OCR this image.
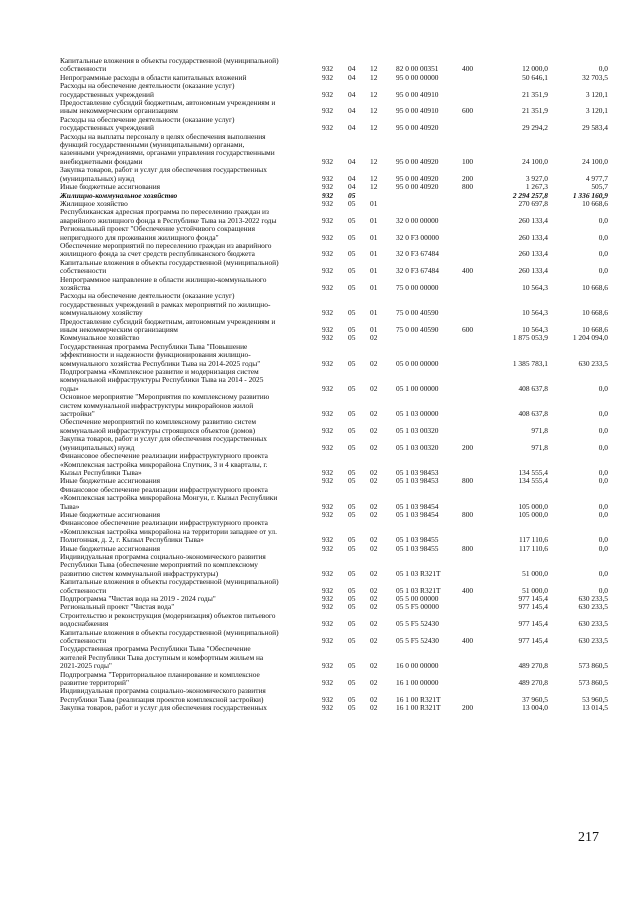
Капитальные вложения в объекты государственной (муниципальной)
собственности	932	04	12	82 0 00 00351	400	12 000,0	0,0
Непрограммные расходы в области капитальных вложений	932	04	12	95 0 00 00000	50 646,1	32 703,5
Расходы на обеспечение деятельности (оказание услуг)
государственных учреждений	932	04	12	95 0 00 40910	21 351,9	3 120,1
Предоставление субсидий бюджетным, автономным учреждениям и
иным некоммерческим организациям	932	04	12	95 0 00 40910	600	21 351,9	3 120,1
Расходы на обеспечение деятельности (оказание услуг)
государственных учреждений	932	04	12	95 0 00 40920	29 294,2	29 583,4
Расходы на выплаты персоналу в целях обеспечения выполнения
функций государственными (муниципальными) органами,
казенными учреждениями, органами управления государственными
внебюджетными фондами	932	04	12	95 0 00 40920	100	24 100,0	24 100,0
Закупка товаров, работ и услуг для обеспечения государственных
(муниципальных) нужд	932	04	12	95 0 00 40920	200	3 927,0	4 977,7
Иные бюджетные ассигнования	932	04	12	95 0 00 40920	800	1 267,3	505,7
Жилищно-коммунальное хозяйство	932	05	2 294 257,8	1 336 160,9
Жилищное хозяйство	932	05	01	270 697,8	10 668,6
Республиканская адресная программа по переселению граждан из
аварийного жилищного фонда в Республике Тыва на 2013-2022 годы	932	05	01	32 0 00 00000	260 133,4	0,0
Региональный проект "Обеспечение устойчивого сокращения
непригодного для проживания жилищного фонда"	932	05	01	32 0 F3 00000	260 133,4	0,0
Обеспечение мероприятий по переселению граждан из аварийного
жилищного фонда за счет средств республиканского бюджета	932	05	01	32 0 F3 67484	260 133,4	0,0
Капитальные вложения в объекты государственной (муниципальной)
собственности	932	05	01	32 0 F3 67484	400	260 133,4	0,0
Непрограммное направление в области жилищно-коммунального
хозяйства	932	05	01	75 0 00 00000	10 564,3	10 668,6
Расходы на обеспечение деятельности (оказание услуг)
государственных учреждений в рамках мероприятий по жилищно-
коммунальному хозяйству	932	05	01	75 0 00 40590	10 564,3	10 668,6
Предоставление субсидий бюджетным, автономным учреждениям и
иным некоммерческим организациям	932	05	01	75 0 00 40590	600	10 564,3	10 668,6
Коммунальное хозяйство	932	05	02	1 875 053,9	1 204 094,0
Государственная программа Республики Тыва "Повышение
эффективности и надежности функционирования жилищно-
коммунального хозяйства Республики Тыва на 2014-2025 годы"	932	05	02	05 0 00 00000	1 385 783,1	630 233,5
Подпрограмма «Комплексное развитие и модернизация систем
коммунальной инфраструктуры Республики Тыва на 2014 - 2025
годы»	932	05	02	05 1 00 00000	408 637,8	0,0
Основное мероприятие "Мероприятия по комплексному развитию
систем коммунальной инфраструктуры микрорайонов жилой
застройки"	932	05	02	05 1 03 00000	408 637,8	0,0
Обеспечение мероприятий по комплексному развитию систем
коммунальной инфраструктуры строящихся объектов (домов)	932	05	02	05 1 03 00320	971,8	0,0
Закупка товаров, работ и услуг для обеспечения государственных
(муниципальных) нужд	932	05	02	05 1 03 00320	200	971,8	0,0
Финансовое обеспечение реализации инфраструктурного проекта
«Комплексная застройка микрорайона Спутник, 3 и 4 кварталы, г.
Кызыл Республики Тыва»	932	05	02	05 1 03 98453	134 555,4	0,0
Иные бюджетные ассигнования	932	05	02	05 1 03 98453	800	134 555,4	0,0
Финансовое обеспечение реализации инфраструктурного проекта
«Комплексная застройка микрорайона Монгун, г. Кызыл Республики
Тыва»	932	05	02	05 1 03 98454	105 000,0	0,0
Иные бюджетные ассигнования	932	05	02	05 1 03 98454	800	105 000,0	0,0
Финансовое обеспечение реализации инфраструктурного проекта
«Комплексная застройка микрорайона на территории западнее от ул.
Полигонная, д. 2, г. Кызыл Республики Тыва»	932	05	02	05 1 03 98455	117 110,6	0,0
Иные бюджетные ассигнования	932	05	02	05 1 03 98455	800	117 110,6	0,0
Индивидуальная программа социально-экономического развития
Республики Тыва (обеспечение мероприятий по комплексному
развитию систем коммунальной инфраструктуры)	932	05	02	05 1 03 R321T	51 000,0	0,0
Капитальные вложения в объекты государственной (муниципальной)
собственности	932	05	02	05 1 03 R321T	400	51 000,0	0,0
Подпрограмма "Чистая вода на 2019 - 2024 годы"	932	05	02	05 5 00 00000	977 145,4	630 233,5
Региональный проект "Чистая вода"	932	05	02	05 5 F5 00000	977 145,4	630 233,5
Строительство и реконструкция (модернизация) объектов питьевого
водоснабжения	932	05	02	05 5 F5 52430	977 145,4	630 233,5
Капитальные вложения в объекты государственной (муниципальной)
собственности	932	05	02	05 5 F5 52430	400	977 145,4	630 233,5
Государственная программа Республики Тыва "Обеспечение
жителей Республики Тыва доступным и комфортным жильем на
2021-2025 годы"	932	05	02	16 0 00 00000	489 270,8	573 860,5
Подпрограмма "Территориальное планирование и комплексное
развитие территорий"	932	05	02	16 1 00 00000	489 270,8	573 860,5
Индивидуальная программа социально-экономического развития
Республики Тыва (реализация проектов комплексной застройки)	932	05	02	16 1 00 R321T	37 960,5	53 960,5
Закупка товаров, работ и услуг для обеспечения государственных	932	05	02	16 1 00 R321T	200	13 004,0	13 014,5
217
